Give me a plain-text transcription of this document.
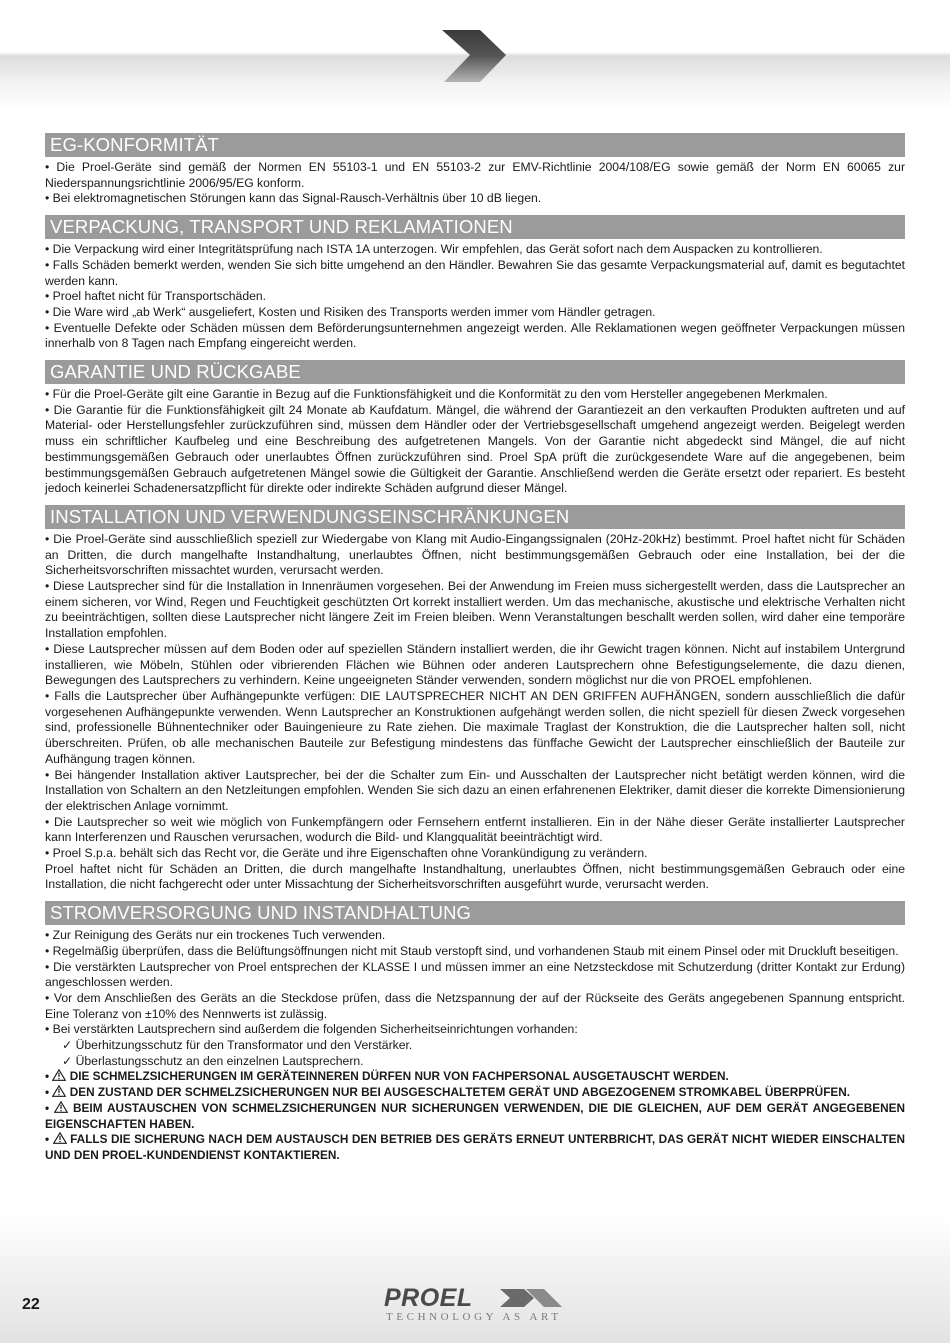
EG-KONFORMITÄT

• Die Proel-Geräte sind gemäß der Normen EN 55103-1 und EN 55103-2 zur EMV-Richtlinie 2004/108/EG sowie gemäß der Norm EN 60065 zur Niederspannungsrichtlinie 2006/95/EG konform.

• Bei elektromagnetischen Störungen kann das Signal-Rausch-Verhältnis über 10 dB liegen.

VERPACKUNG, TRANSPORT UND REKLAMATIONEN

• Die Verpackung wird einer Integritätsprüfung nach ISTA 1A unterzogen. Wir empfehlen, das Gerät sofort nach dem Auspacken zu kontrollieren.

• Falls Schäden bemerkt werden, wenden Sie sich bitte umgehend an den Händler. Bewahren Sie das gesamte Verpackungsmaterial auf, damit es begutachtet werden kann.

• Proel haftet nicht für Transportschäden.

• Die Ware wird „ab Werk“ ausgeliefert, Kosten und Risiken des Transports werden immer vom Händler getragen.

• Eventuelle Defekte oder Schäden müssen dem Beförderungsunternehmen angezeigt werden. Alle Reklamationen wegen geöffneter Verpackungen müssen innerhalb von 8 Tagen nach Empfang eingereicht werden.

GARANTIE UND RÜCKGABE

• Für die Proel-Geräte gilt eine Garantie in Bezug auf die Funktionsfähigkeit und die Konformität zu den vom Hersteller angegebenen Merkmalen.

• Die Garantie für die Funktionsfähigkeit gilt 24 Monate ab Kaufdatum. Mängel, die während der Garantiezeit an den verkauften Produkten auftreten und auf Material- oder Herstellungsfehler zurückzuführen sind, müssen dem Händler oder der Vertriebsgesellschaft umgehend angezeigt werden. Beigelegt werden muss ein schriftlicher Kaufbeleg und eine Beschreibung des aufgetretenen Mangels. Von der Garantie nicht abgedeckt sind Mängel, die auf nicht bestimmungsgemäßen Gebrauch oder unerlaubtes Öffnen zurückzuführen sind. Proel SpA prüft die zurückgesendete Ware auf die angegebenen, beim bestimmungsgemäßen Gebrauch aufgetretenen Mängel sowie die Gültigkeit der Garantie. Anschließend werden die Geräte ersetzt oder repariert. Es besteht jedoch keinerlei Schadenersatzpflicht für direkte oder indirekte Schäden aufgrund dieser Mängel.

INSTALLATION UND VERWENDUNGSEINSCHRÄNKUNGEN

• Die Proel-Geräte sind ausschließlich speziell zur Wiedergabe von Klang mit Audio-Eingangssignalen (20Hz-20kHz) bestimmt. Proel haftet nicht für Schäden an Dritten, die durch mangelhafte Instandhaltung, unerlaubtes Öffnen, nicht bestimmungsgemäßen Gebrauch oder eine Installation, bei der die Sicherheitsvorschriften missachtet wurden, verursacht werden.

• Diese Lautsprecher sind für die Installation in Innenräumen vorgesehen. Bei der Anwendung im Freien muss sichergestellt werden, dass die Lautsprecher an einem sicheren, vor Wind, Regen und Feuchtigkeit geschützten Ort korrekt installiert werden. Um das mechanische, akustische und elektrische Verhalten nicht zu beeinträchtigen, sollten diese Lautsprecher nicht längere Zeit im Freien bleiben. Wenn Veranstaltungen beschallt werden sollen, wird daher eine temporäre Installation empfohlen.

• Diese Lautsprecher müssen auf dem Boden oder auf speziellen Ständern installiert werden, die ihr Gewicht tragen können. Nicht auf instabilem Untergrund installieren, wie Möbeln, Stühlen oder vibrierenden Flächen wie Bühnen oder anderen Lautsprechern ohne Befestigungselemente, die dazu dienen, Bewegungen des Lautsprechers zu verhindern. Keine ungeeigneten Ständer verwenden, sondern möglichst nur die von PROEL empfohlenen.

• Falls die Lautsprecher über Aufhängepunkte verfügen: DIE LAUTSPRECHER NICHT AN DEN GRIFFEN AUFHÄNGEN, sondern ausschließlich die dafür vorgesehenen Aufhängepunkte verwenden. Wenn Lautsprecher an Konstruktionen aufgehängt werden sollen, die nicht speziell für diesen Zweck vorgesehen sind, professionelle Bühnentechniker oder Bauingenieure zu Rate ziehen. Die maximale Traglast der Konstruktion, die die Lautsprecher halten soll, nicht überschreiten. Prüfen, ob alle mechanischen Bauteile zur Befestigung mindestens das fünffache Gewicht der Lautsprecher einschließlich der Bauteile zur Aufhängung tragen können.

• Bei hängender Installation aktiver Lautsprecher, bei der die Schalter zum Ein- und Ausschalten der Lautsprecher nicht betätigt werden können, wird die Installation von Schaltern an den Netzleitungen empfohlen. Wenden Sie sich dazu an einen erfahrenenen Elektriker, damit dieser die korrekte Dimensionierung der elektrischen Anlage vornimmt.

• Die Lautsprecher so weit wie möglich von Funkempfängern oder Fernsehern entfernt installieren. Ein in der Nähe dieser Geräte installierter Lautsprecher kann Interferenzen und Rauschen verursachen, wodurch die Bild- und Klangqualität beeinträchtigt wird.

• Proel S.p.a. behält sich das Recht vor, die Geräte und ihre Eigenschaften ohne Vorankündigung zu verändern.

Proel haftet nicht für Schäden an Dritten, die durch mangelhafte Instandhaltung, unerlaubtes Öffnen, nicht bestimmungsgemäßen Gebrauch oder eine Installation, die nicht fachgerecht oder unter Missachtung der Sicherheitsvorschriften ausgeführt wurde, verursacht werden.

STROMVERSORGUNG UND INSTANDHALTUNG

• Zur Reinigung des Geräts nur ein trockenes Tuch verwenden.

• Regelmäßig überprüfen, dass die Belüftungsöffnungen nicht mit Staub verstopft sind, und vorhandenen Staub mit einem Pinsel oder mit Druckluft beseitigen.

• Die verstärkten Lautsprecher von Proel entsprechen der KLASSE I und müssen immer an eine Netzsteckdose mit Schutzerdung (dritter Kontakt zur Erdung) angeschlossen werden.

• Vor dem Anschließen des Geräts an die Steckdose prüfen, dass die Netzspannung der auf der Rückseite des Geräts angegebenen Spannung entspricht. Eine Toleranz von ±10% des Nennwerts ist zulässig.

• Bei verstärkten Lautsprechern sind außerdem die folgenden Sicherheitseinrichtungen vorhanden:

✓ Überhitzungsschutz für den Transformator und den Verstärker.

✓ Überlastungsschutz an den einzelnen Lautsprechern.

•  DIE SCHMELZSICHERUNGEN IM GERÄTEINNEREN DÜRFEN NUR VON FACHPERSONAL AUSGETAUSCHT WERDEN.

•  DEN ZUSTAND DER SCHMELZSICHERUNGEN NUR BEI AUSGESCHALTETEM GERÄT UND ABGEZOGENEM STROMKABEL ÜBERPRÜFEN.

•  BEIM AUSTAUSCHEN VON SCHMELZSICHERUNGEN NUR SICHERUNGEN VERWENDEN, DIE DIE GLEICHEN, AUF DEM GERÄT ANGEGEBENEN EIGENSCHAFTEN HABEN.

•  FALLS DIE SICHERUNG NACH DEM AUSTAUSCH DEN BETRIEB DES GERÄTS ERNEUT UNTERBRICHT, DAS GERÄT NICHT WIEDER EINSCHALTEN UND DEN PROEL-KUNDENDIENST KONTAKTIEREN.

22	PROEL
TECHNOLOGY AS ART
